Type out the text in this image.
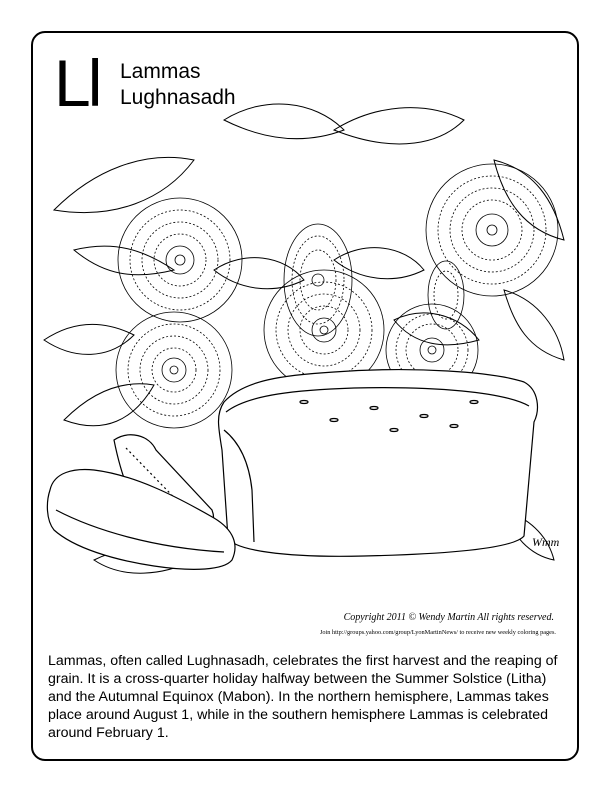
Ll Lammas
Lughnasadh
Wmm
Copyright 2011 © Wendy Martin All rights reserved.
Join http://groups.yahoo.com/group/LyonMartinNews/ to receive new weekly coloring pages.
Lammas, often called Lughnasadh, celebrates the first harvest and the reaping of grain. It is a cross-quarter holiday halfway between the Summer Solstice (Litha) and the Autumnal Equinox (Mabon). In the northern hemisphere, Lammas takes place around August 1, while in the southern hemisphere Lammas is celebrated around February 1.
